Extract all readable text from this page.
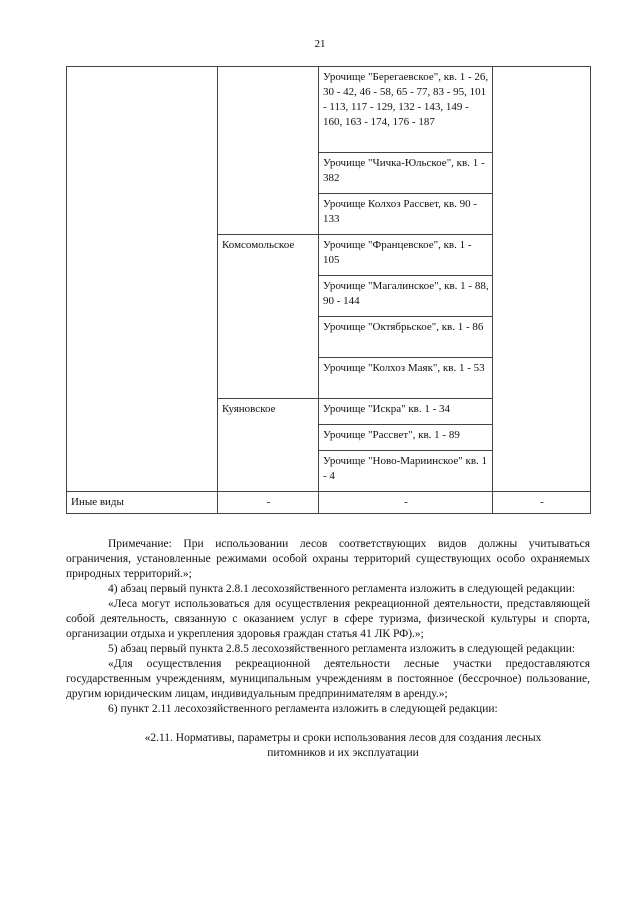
21
		Урочище "Берегаевское", кв. 1 - 26, 30 - 42, 46 - 58, 65 - 77, 83 - 95, 101 - 113, 117 - 129, 132 - 143, 149 - 160, 163 - 174, 176 - 187	
		Урочище "Чичка-Юльское", кв. 1 - 382	
		Урочище Колхоз Рассвет, кв. 90 - 133	
	Комсомольское	Урочище "Францевское", кв. 1 - 105	
		Урочище "Магалинское", кв. 1 - 88, 90 - 144	
		Урочище "Октябрьское", кв. 1 - 86	
		Урочище "Колхоз Маяк", кв. 1 - 53	
	Куяновское	Урочище "Искра" кв. 1 - 34	
		Урочище "Рассвет", кв. 1 - 89	
		Урочище "Ново-Мариинское" кв. 1 - 4	
Иные виды	-	-	-

Примечание: При использовании лесов соответствующих видов должны учитываться ограничения, установленные режимами особой охраны территорий существующих особо охраняемых природных территорий.»;

4) абзац первый пункта 2.8.1 лесохозяйственного регламента изложить в следующей редакции:

«Леса могут использоваться для осуществления рекреационной деятельности, представляющей собой деятельность, связанную с оказанием услуг в сфере туризма, физической культуры и спорта, организации отдыха и укрепления здоровья граждан статья 41 ЛК РФ).»;

5) абзац первый пункта 2.8.5 лесохозяйственного регламента изложить в следующей редакции:

«Для осуществления рекреационной деятельности лесные участки предоставляются государственным учреждениям, муниципальным учреждениям в постоянное (бессрочное) пользование, другим юридическим лицам, индивидуальным предпринимателям в аренду.»;

6) пункт 2.11 лесохозяйственного регламента изложить в следующей редакции:

«2.11. Нормативы, параметры и сроки использования лесов для создания лесных
питомников и их эксплуатации
